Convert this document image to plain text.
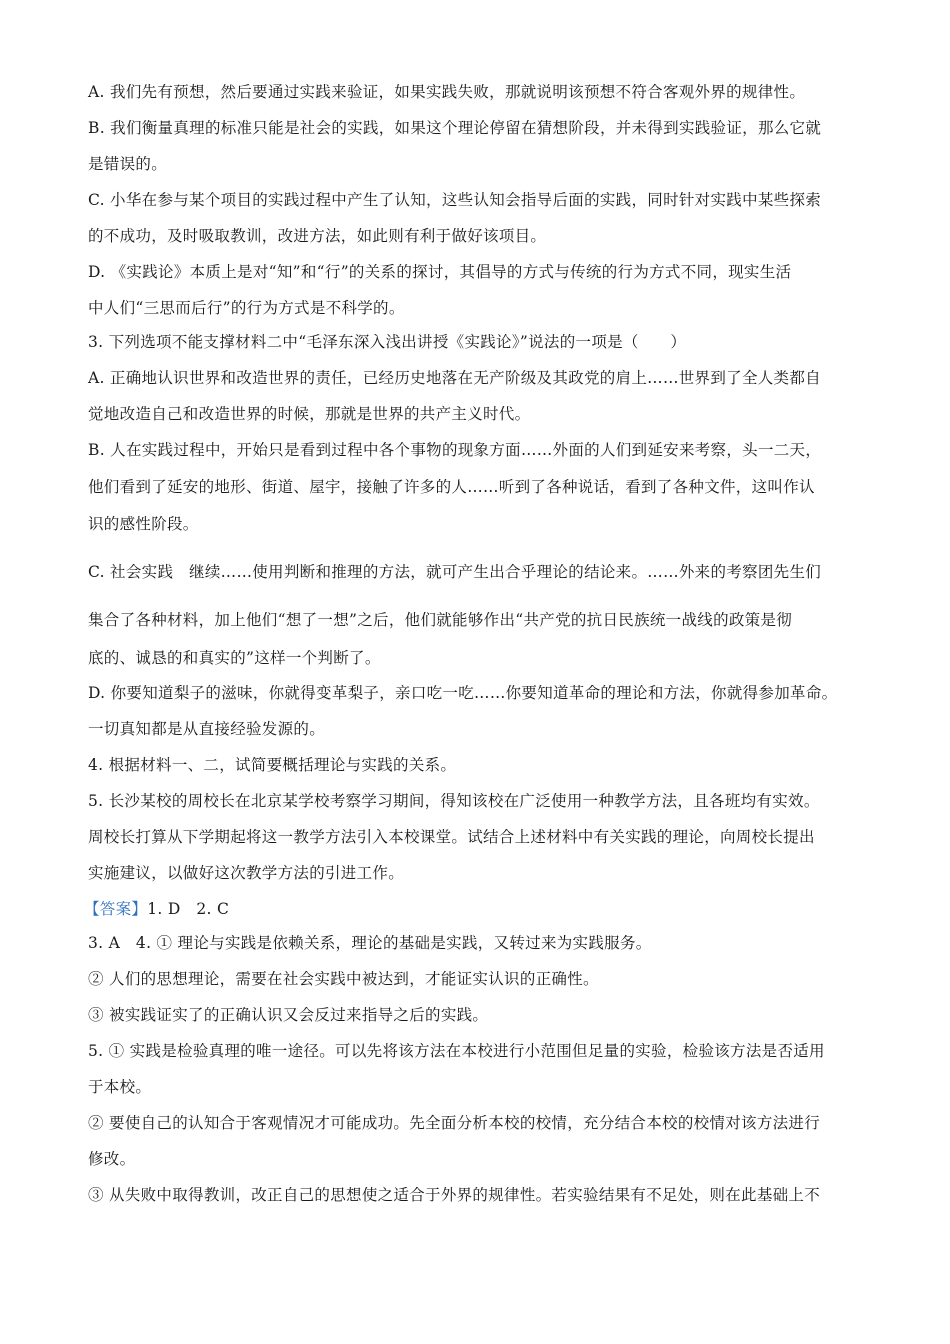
A. 我们先有预想，然后要通过实践来验证，如果实践失败，那就说明该预想不符合客观外界的规律性。
B. 我们衡量真理的标准只能是社会的实践，如果这个理论停留在猜想阶段，并未得到实践验证，那么它就
是错误的。
C. 小华在参与某个项目的实践过程中产生了认知，这些认知会指导后面的实践，同时针对实践中某些探索
的不成功，及时吸取教训，改进方法，如此则有利于做好该项目。
D. 《实践论》本质上是对“知”和“行”的关系的探讨，其倡导的方式与传统的行为方式不同，现实生活
中人们“三思而后行”的行为方式是不科学的。
3. 下列选项不能支撑材料二中“毛泽东深入浅出讲授《实践论》”说法的一项是（　　）
A. 正确地认识世界和改造世界的责任，已经历史地落在无产阶级及其政党的肩上……世界到了全人类都自
觉地改造自己和改造世界的时候，那就是世界的共产主义时代。
B. 人在实践过程中，开始只是看到过程中各个事物的现象方面……外面的人们到延安来考察，头一二天，
他们看到了延安的地形、街道、屋宇，接触了许多的人……听到了各种说话，看到了各种文件，这叫作认
识的感性阶段。
C. 社会实践　继续……使用判断和推理的方法，就可产生出合乎理论的结论来。……外来的考察团先生们
集合了各种材料，加上他们“想了一想”之后，他们就能够作出“共产党的抗日民族统一战线的政策是彻
底的、诚恳的和真实的”这样一个判断了。
D. 你要知道梨子的滋味，你就得变革梨子，亲口吃一吃……你要知道革命的理论和方法，你就得参加革命。
一切真知都是从直接经验发源的。
4. 根据材料一、二，试简要概括理论与实践的关系。
5. 长沙某校的周校长在北京某学校考察学习期间，得知该校在广泛使用一种教学方法，且各班均有实效。
周校长打算从下学期起将这一教学方法引入本校课堂。试结合上述材料中有关实践的理论，向周校长提出
实施建议，以做好这次教学方法的引进工作。
【答案】1. D　2. C
3. A　4. ① 理论与实践是依赖关系，理论的基础是实践，又转过来为实践服务。
② 人们的思想理论，需要在社会实践中被达到，才能证实认识的正确性。
③ 被实践证实了的正确认识又会反过来指导之后的实践。
5. ① 实践是检验真理的唯一途径。可以先将该方法在本校进行小范围但足量的实验，检验该方法是否适用
于本校。
② 要使自己的认知合于客观情况才可能成功。先全面分析本校的校情，充分结合本校的校情对该方法进行
修改。
③ 从失败中取得教训，改正自己的思想使之适合于外界的规律性。若实验结果有不足处，则在此基础上不
